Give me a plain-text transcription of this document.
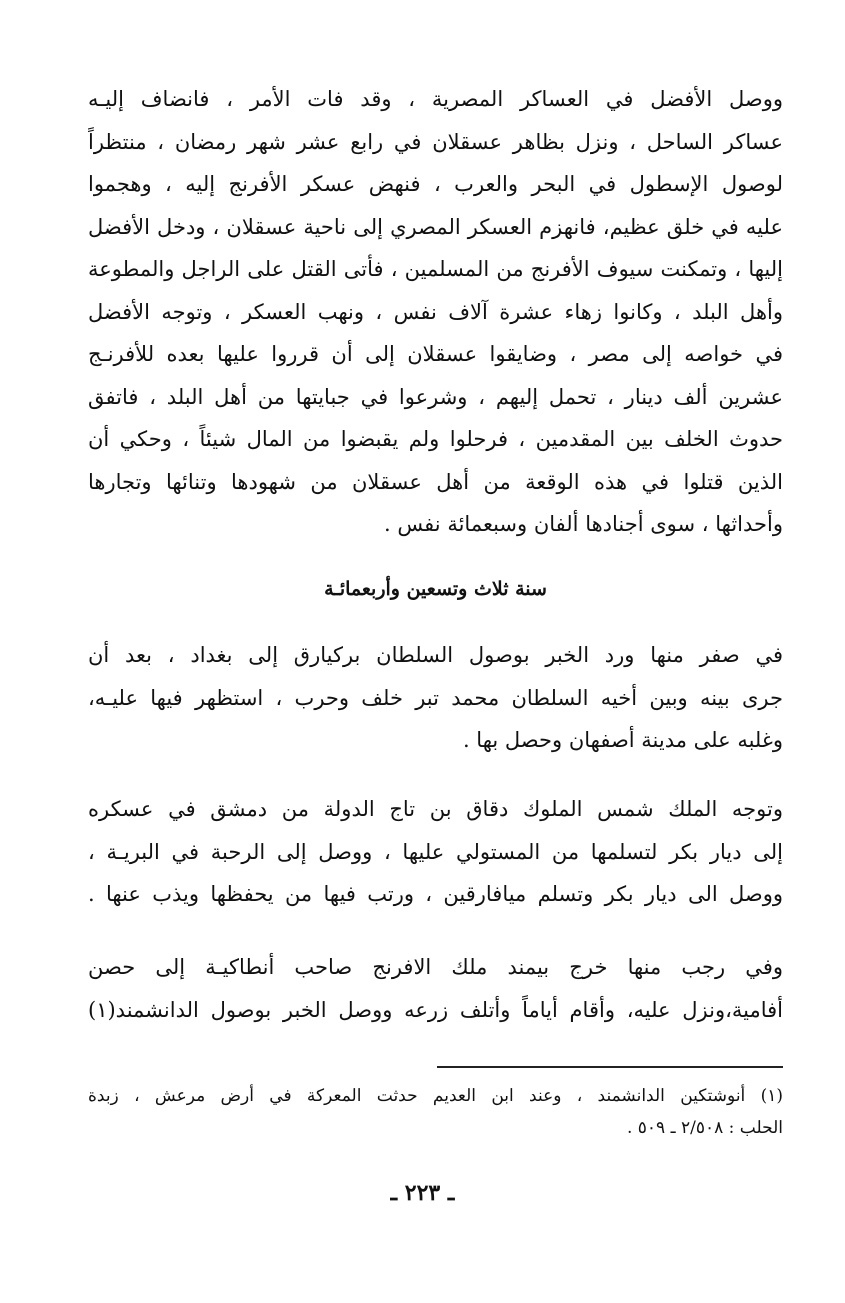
ووصل الأفضل في العساكر المصرية ، وقد فات الأمر ، فانضاف إليـه
عساكر الساحل ، ونزل بظاهر عسقلان في رابع عشر شهر رمضان ، منتظراً
لوصول الإسطول في البحر والعرب ، فنهض عسكر الأفرنج إليه ، وهجموا
عليه في خلق عظيم، فانهزم العسكر المصري إلى ناحية عسقلان ، ودخل الأفضل
إليها ، وتمكنت سيوف الأفرنج من المسلمين ، فأتى القتل على الراجل والمطوعة
وأهل البلد ، وكانوا زهاء عشرة آلاف نفس ، ونهب العسكر ، وتوجه الأفضل
في خواصه إلى مصر ، وضايقوا عسقلان إلى أن قرروا عليها بعده للأفرنـج
عشرين ألف دينار ، تحمل إليهم ، وشرعوا في جبايتها من أهل البلد ، فاتفق
حدوث الخلف بين المقدمين ، فرحلوا ولم يقبضوا من المال شيئاً ، وحكي أن
الذين قتلوا في هذه الوقعة من أهل عسقلان من شهودها وتنائها وتجارها
وأحداثها ، سوى أجنادها ألفان وسبعمائة نفس .
سنة ثلاث وتسعين وأربعمائـة
في صفر منها ورد الخبر بوصول السلطان بركيارق إلى بغداد ، بعد أن
جرى بينه وبين أخيه السلطان محمد تبر خلف وحرب ، استظهر فيها عليـه،
وغلبه على مدينة أصفهان وحصل بها .
وتوجه الملك شمس الملوك دقاق بن تاج الدولة من دمشق في عسكره
إلى ديار بكر لتسلمها من المستولي عليها ، ووصل إلى الرحبة في البريـة ،
ووصل الى ديار بكر وتسلم ميافارقين ، ورتب فيها من يحفظها ويذب عنها .
وفي رجب منها خرج بيمند ملك الافرنج صاحب أنطاكيـة إلى حصن
أفامية،ونزل عليه، وأقام أياماً وأتلف زرعه ووصل الخبر بوصول الدانشمند(١)
(١) أنوشتكين الدانشمند ، وعند ابن العديم حدثت المعركة في أرض مرعش ، زبدة
الحلب : ٢/٥٠٨ ـ ٥٠٩ .
ـ ٢٢٣ ـ
